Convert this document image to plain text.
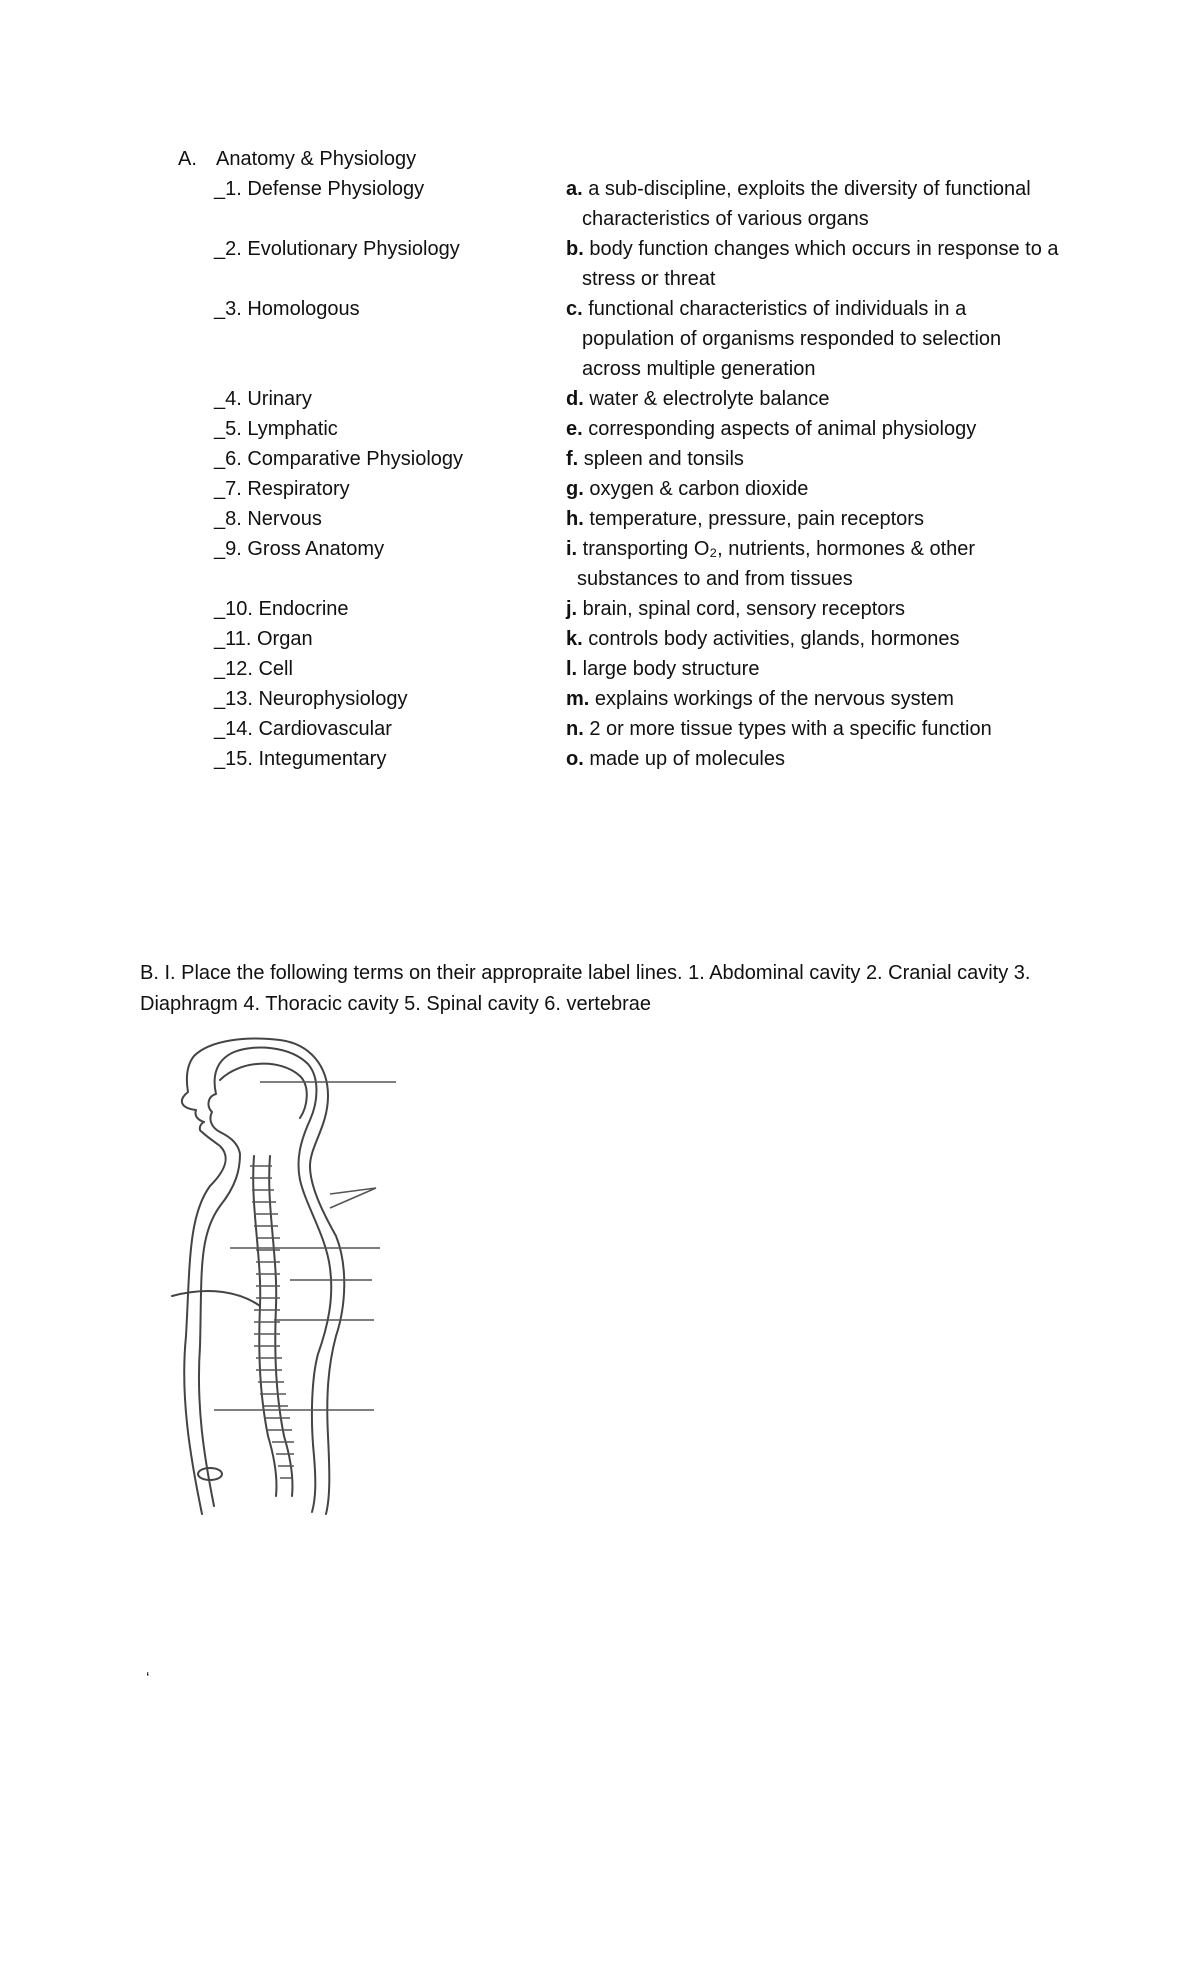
A. Anatomy & Physiology
_1. Defense Physiology
_2. Evolutionary Physiology
_3. Homologous
_4. Urinary
_5. Lymphatic
_6. Comparative Physiology
_7. Respiratory
_8. Nervous
_9. Gross Anatomy
_10. Endocrine
_11. Organ
_12. Cell
_13. Neurophysiology
_14. Cardiovascular
_15. Integumentary
a. a sub-discipline, exploits the diversity of functional
characteristics of various organs
b. body function changes which occurs in response to a
stress or threat
c. functional characteristics of individuals in a
population of organisms responded to selection
across multiple generation
d. water & electrolyte balance
e. corresponding aspects of animal physiology
f. spleen and tonsils
g. oxygen & carbon dioxide
h. temperature, pressure, pain receptors
i. transporting O₂, nutrients, hormones & other
substances to and from tissues
j. brain, spinal cord, sensory receptors
k. controls body activities, glands, hormones
l. large body structure
m. explains workings of the nervous system
n. 2 or more tissue types with a specific function
o. made up of molecules
B. I. Place the following terms on their appropraite label lines. 1. Abdominal cavity 2. Cranial cavity 3. Diaphragm 4. Thoracic cavity 5. Spinal cavity 6. vertebrae
‘
